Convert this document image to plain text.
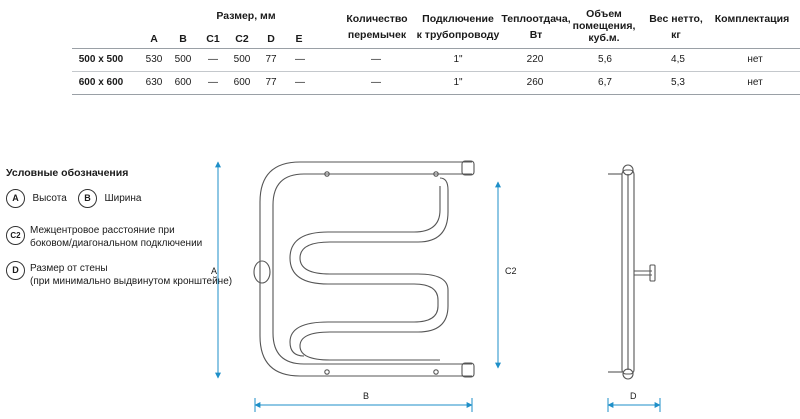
Размер, мм
A	B	C1	C2	D	E
Количество
перемычек
Подключение
к трубопроводу
Теплоотдача,
Вт
Объем
помещения,
куб.м.
Вес нетто,
кг
Комплектация
500 x 500	530	500	—	500	77	—	—	1"	220	5,6	4,5	нет
600 x 600	630	600	—	600	77	—	—	1"	260	6,7	5,3	нет
Условные обозначения
A Высота	B Ширина
C2 Межцентровое расстояние при
боковом/диагональном подключении
D	Размер от стены
(при минимально выдвинутом кронштейне)
A	C2
B	D
